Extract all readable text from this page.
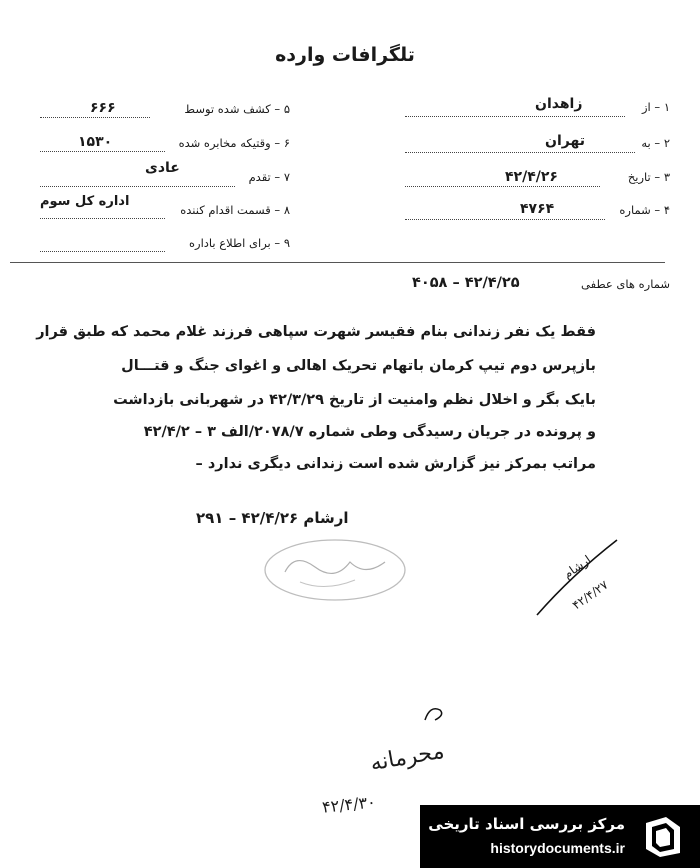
تلگرافات وارده
۱ – از
زاهدان
۲ – به
تهران
۳ – تاریخ
۴۲/۴/۲۶
۴ – شماره
۴۷۶۴
۵ – کشف شده توسط
۶۶۶
۶ – وقتیکه مخابره شده
۱۵۳۰
۷ – تقدم
عادی
۸ – قسمت اقدام کننده
اداره کل سوم
۹ – برای اطلاع باداره
شماره های عطفی
۴۰۵۸ – ۴۲/۴/۲۵
فقط یک نفر زندانی بنام فقیسر شهرت سپاهی فرزند غلام محمد که طبق قرار
بازپرس دوم تیپ کرمان باتهام تحریک اهالی و اغوای جنگ و قتـــال
بایک بگر و اخلال نظم وامنیت از تاریخ ۴۲/۳/۲۹ در شهربانی بازداشت
و پرونده در جریان رسیدگی وطی شماره ۲۰۷۸/۷/الف ۳ – ۴۲/۴/۲
مراتب بمرکز نیز گزارش شده است زندانی دیگری ندارد –
۲۹۱ – ۴۲/۴/۲۶ ارشام
ارشام
۴۲/۴/۲۷
محرمانه
۴۲/۴/۳۰
مرکز بررسی اسناد تاریخی
historydocuments.ir
